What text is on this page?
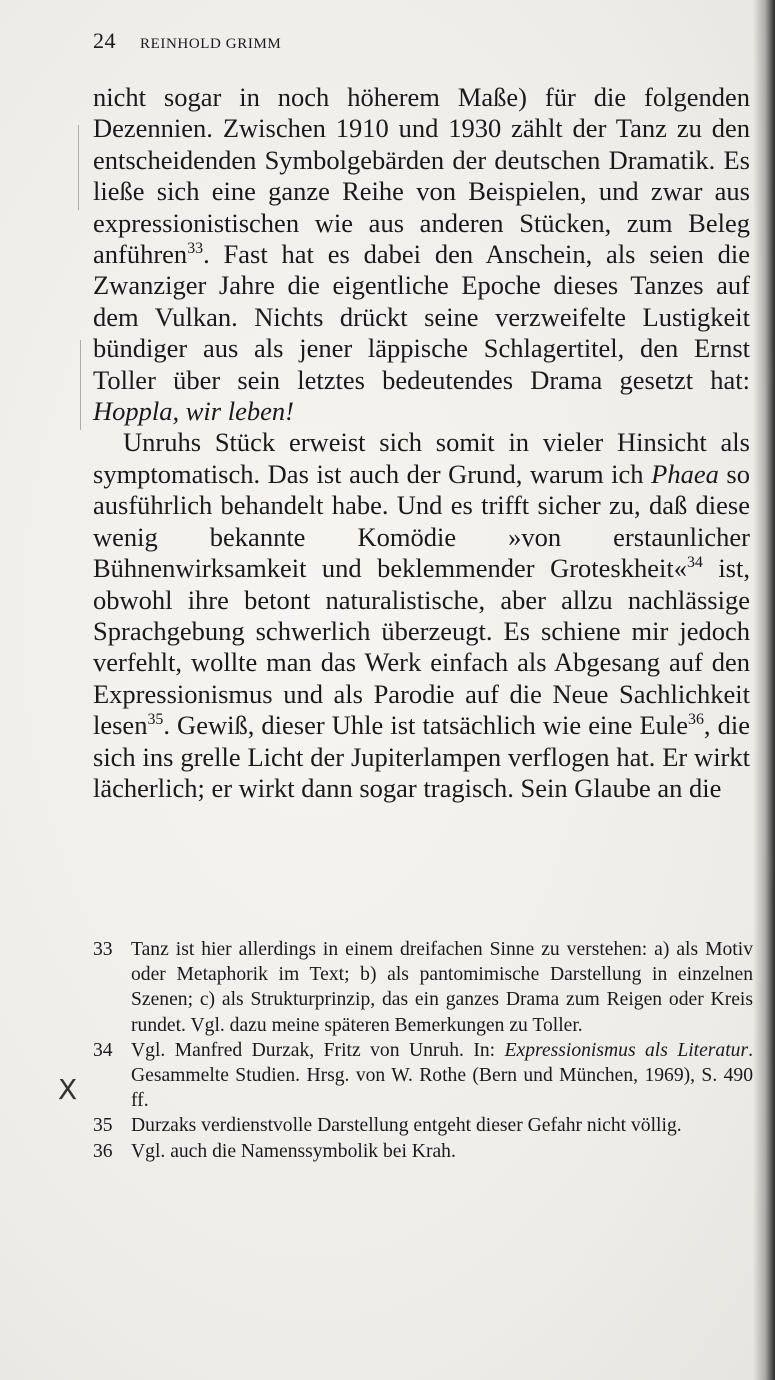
24 REINHOLD GRIMM

nicht sogar in noch höherem Maße) für die folgenden Dezennien. Zwischen 1910 und 1930 zählt der Tanz zu den entscheidenden Symbolgebärden der deutschen Dramatik. Es ließe sich eine ganze Reihe von Beispielen, und zwar aus expressionistischen wie aus anderen Stücken, zum Beleg anführen$^{33}$. Fast hat es dabei den Anschein, als seien die Zwanziger Jahre die eigentliche Epoche dieses Tanzes auf dem Vulkan. Nichts drückt seine verzweifelte Lustigkeit bündiger aus als jener läppische Schlagertitel, den Ernst Toller über sein letztes bedeutendes Drama gesetzt hat: Hoppla, wir leben!

Unruhs Stück erweist sich somit in vieler Hinsicht als symptomatisch. Das ist auch der Grund, warum ich Phaea so ausführlich behandelt habe. Und es trifft sicher zu, daß diese wenig bekannte Komödie »von erstaunlicher Bühnenwirksamkeit und beklemmender Groteskheit«$^{34}$ ist, obwohl ihre betont naturalistische, aber allzu nachlässige Sprachgebung schwerlich überzeugt. Es schiene mir jedoch verfehlt, wollte man das Werk einfach als Abgesang auf den Expressionismus und als Parodie auf die Neue Sachlichkeit lesen$^{35}$. Gewiß, dieser Uhle ist tatsächlich wie eine Eule$^{36}$, die sich ins grelle Licht der Jupiterlampen verflogen hat. Er wirkt lächerlich; er wirkt dann sogar tragisch. Sein Glaube an die

33 Tanz ist hier allerdings in einem dreifachen Sinne zu verstehen: a) als Motiv oder Metaphorik im Text; b) als pantomimische Darstellung in einzelnen Szenen; c) als Strukturprinzip, das ein ganzes Drama zum Reigen oder Kreis rundet. Vgl. dazu meine späteren Bemerkungen zu Toller.
34 Vgl. Manfred Durzak, Fritz von Unruh. In: Expressionismus als Literatur. Gesammelte Studien. Hrsg. von W. Rothe (Bern und München, 1969), S. 490 ff.
35 Durzaks verdienstvolle Darstellung entgeht dieser Gefahr nicht völlig.
36 Vgl. auch die Namenssymbolik bei Krah.
X
